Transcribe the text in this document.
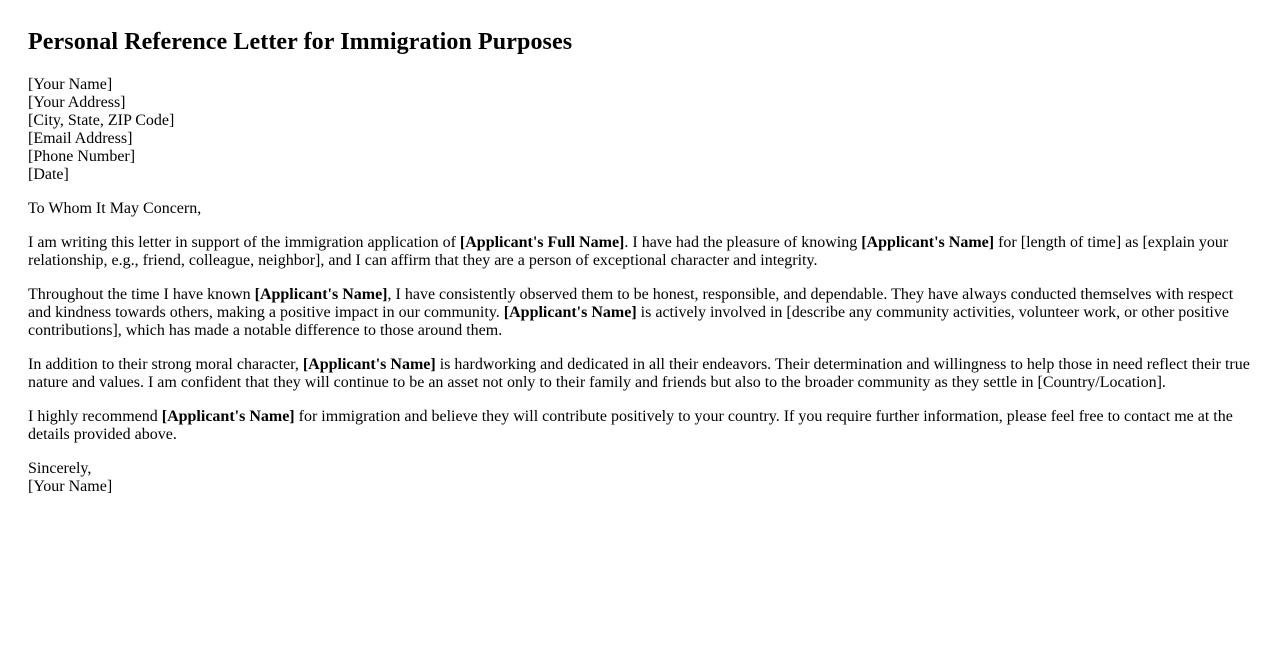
Personal Reference Letter for Immigration Purposes
[Your Name]
[Your Address]
[City, State, ZIP Code]
[Email Address]
[Phone Number]
[Date]

To Whom It May Concern,

I am writing this letter in support of the immigration application of [Applicant's Full Name]. I have had the pleasure of knowing [Applicant's Name] for [length of time] as [explain your relationship, e.g., friend, colleague, neighbor], and I can affirm that they are a person of exceptional character and integrity.

Throughout the time I have known [Applicant's Name], I have consistently observed them to be honest, responsible, and dependable. They have always conducted themselves with respect and kindness towards others, making a positive impact in our community. [Applicant's Name] is actively involved in [describe any community activities, volunteer work, or other positive contributions], which has made a notable difference to those around them.

In addition to their strong moral character, [Applicant's Name] is hardworking and dedicated in all their endeavors. Their determination and willingness to help those in need reflect their true nature and values. I am confident that they will continue to be an asset not only to their family and friends but also to the broader community as they settle in [Country/Location].

I highly recommend [Applicant's Name] for immigration and believe they will contribute positively to your country. If you require further information, please feel free to contact me at the details provided above.

Sincerely,
[Your Name]
